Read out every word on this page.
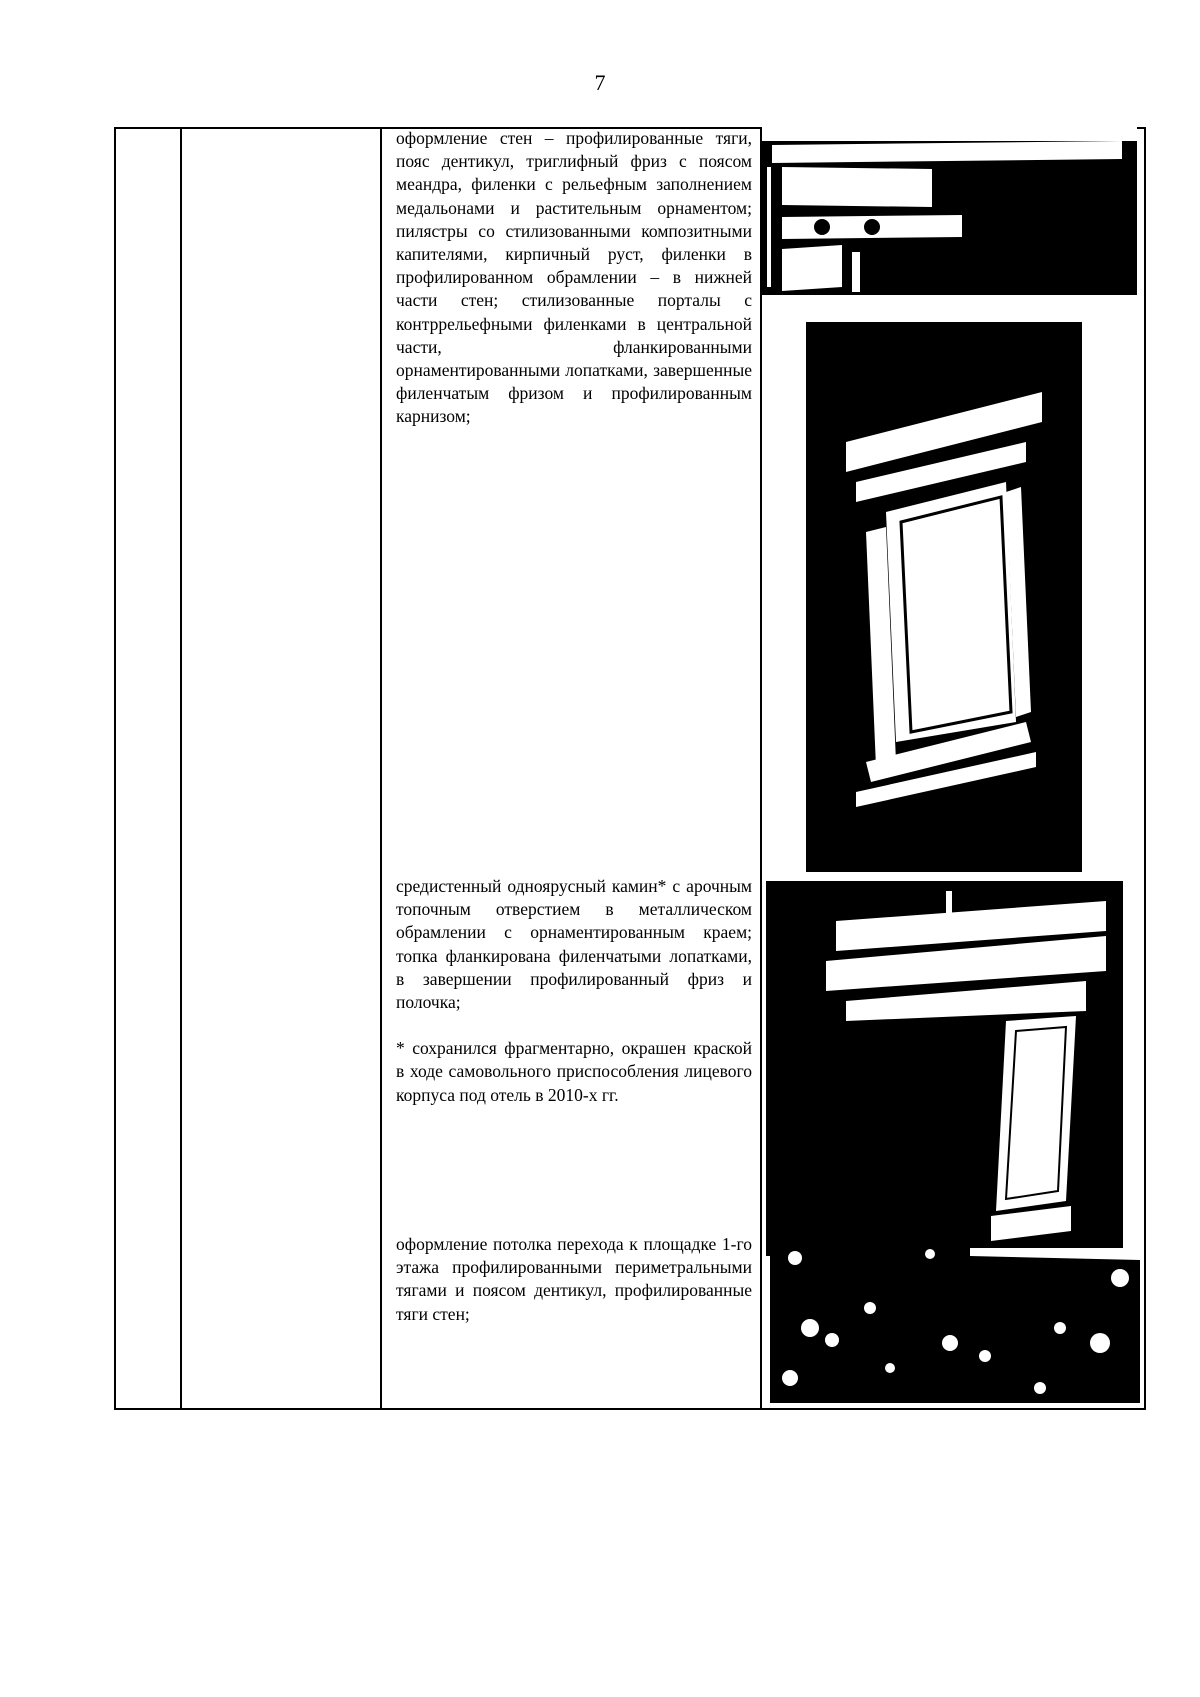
7

оформление стен – профилированные тяги, пояс дентикул, триглифный фриз с поясом меандра, филенки с рельефным заполнением медальонами и растительным орнаментом; пилястры со стилизованными композитными капителями, кирпичный руст, филенки в профилированном обрамлении – в нижней части стен; стилизованные порталы с контррельефными филенками в центральной части, фланкированными орнаментированными лопатками, завершенные филенчатым фризом и профилированным карнизом;

средистенный одноярусный камин* с арочным топочным отверстием в металлическом обрамлении с орнаментированным краем; топка фланкирована филенчатыми лопатками, в завершении профилированный фриз и полочка;

* сохранился фрагментарно, окрашен краской в ходе самовольного приспособления лицевого корпуса под отель в 2010-х гг.

оформление потолка перехода к площадке 1-го этажа профилированными периметральными тягами и поясом дентикул, профилированные тяги стен;
